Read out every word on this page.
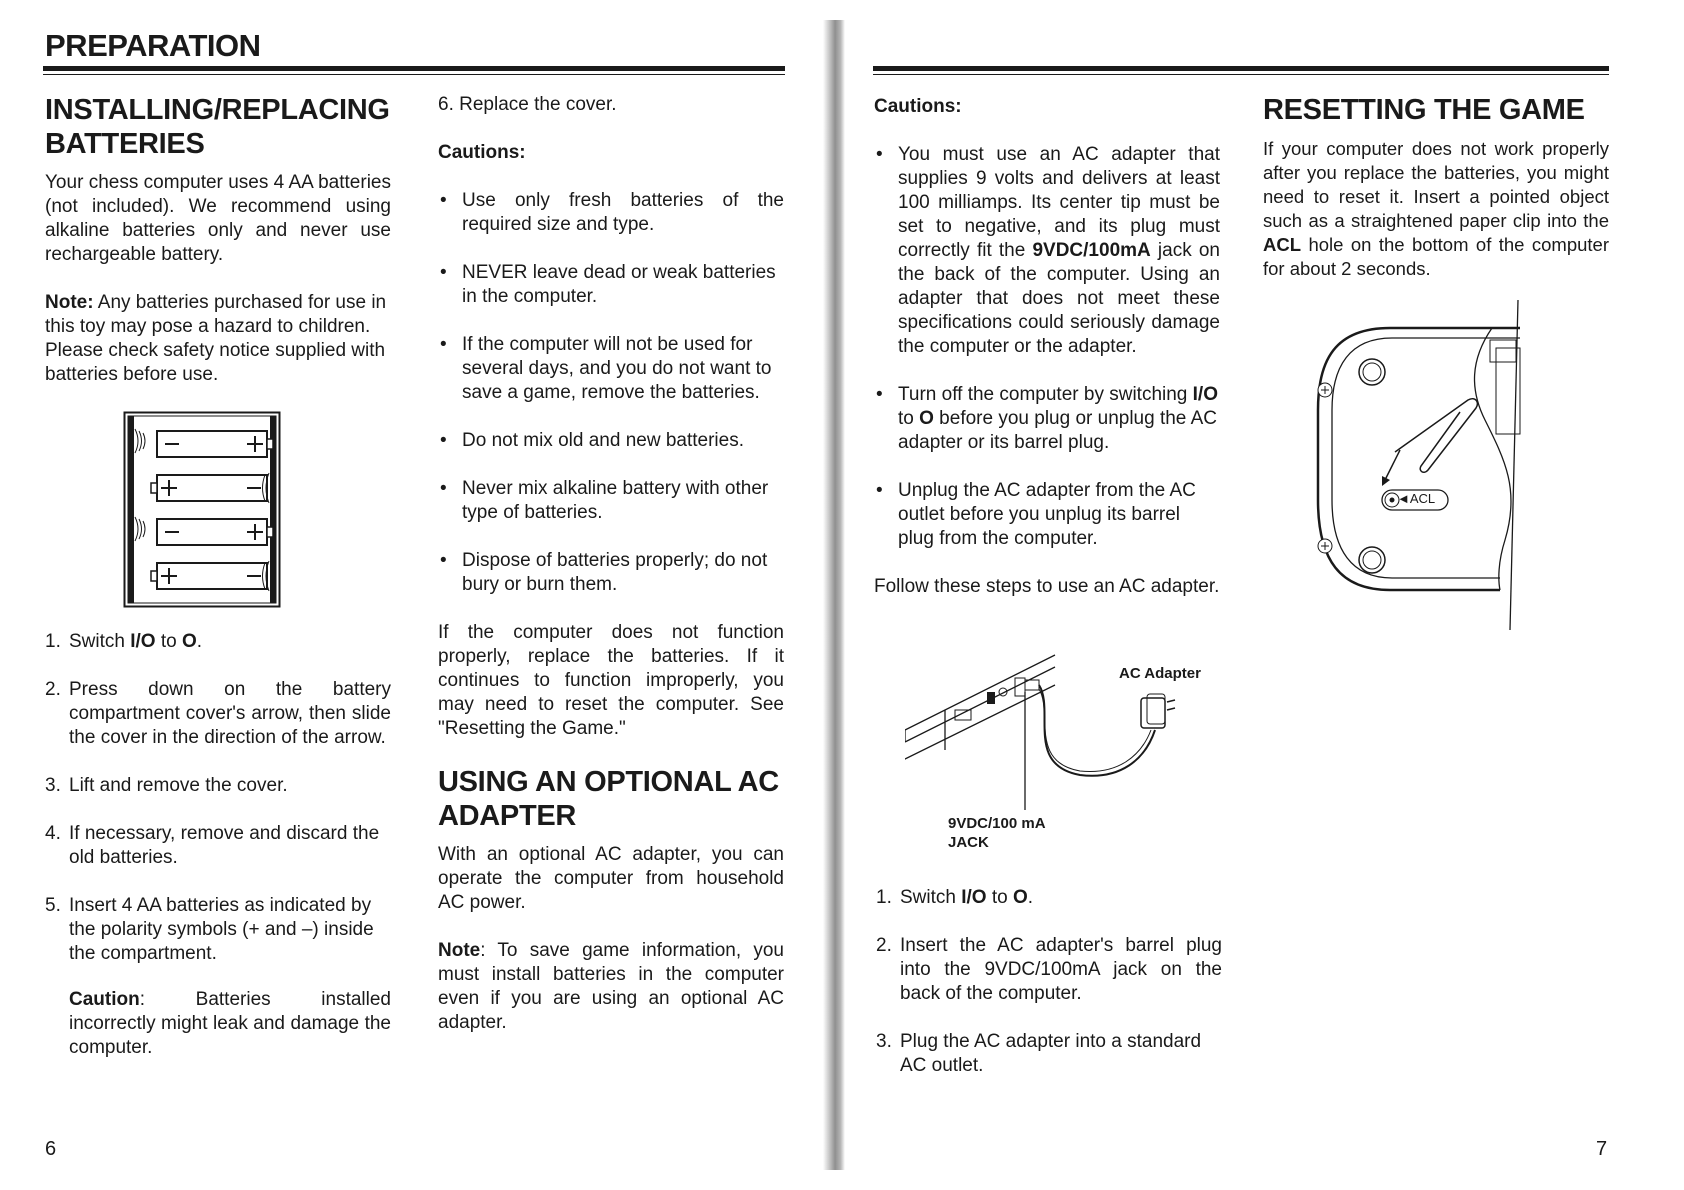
PREPARATION
INSTALLING/REPLACING BATTERIES

Your chess computer uses 4 AA batteries (not included). We recommend using alkaline batteries only and never use rechargeable battery.

Note: Any batteries purchased for use in this toy may pose a hazard to children. Please check safety notice supplied with batteries before use.

1. Switch I/O to O.
2. Press down on the battery compartment cover's arrow, then slide the cover in the direction of the arrow.
3. Lift and remove the cover.
4. If necessary, remove and discard the old batteries.
5. Insert 4 AA batteries as indicated by the polarity symbols (+ and –) inside the compartment.

Caution: Batteries installed incorrectly might leak and damage the computer.

6

6. Replace the cover.

Cautions:

• Use only fresh batteries of the required size and type.
• NEVER leave dead or weak batteries in the computer.
• If the computer will not be used for several days, and you do not want to save a game, remove the batteries.
• Do not mix old and new batteries.
• Never mix alkaline battery with other type of batteries.
• Dispose of batteries properly; do not bury or burn them.

If the computer does not function properly, replace the batteries. If it continues to function improperly, you may need to reset the computer. See "Resetting the Game."

USING AN OPTIONAL AC ADAPTER

With an optional AC adapter, you can operate the computer from household AC power.

Note: To save game information, you must install batteries in the computer even if you are using an optional AC adapter.

Cautions:

• You must use an AC adapter that supplies 9 volts and delivers at least 100 milliamps. Its center tip must be set to negative, and its plug must correctly fit the 9VDC/100mA jack on the back of the computer. Using an adapter that does not meet these specifications could seriously damage the computer or the adapter.
• Turn off the computer by switching I/O to O before you plug or unplug the AC adapter or its barrel plug.
• Unplug the AC adapter from the AC outlet before you unplug its barrel plug from the computer.

Follow these steps to use an AC adapter.

AC Adapter
9VDC/100 mA
JACK
1. Switch I/O to O.
2. Insert the AC adapter's barrel plug into the 9VDC/100mA jack on the back of the computer.
3. Plug the AC adapter into a standard AC outlet.
RESETTING THE GAME

If your computer does not work properly after you replace the batteries, you might need to reset it. Insert a pointed object such as a straightened paper clip into the ACL hole on the bottom of the computer for about 2 seconds.

◄ACL
7
